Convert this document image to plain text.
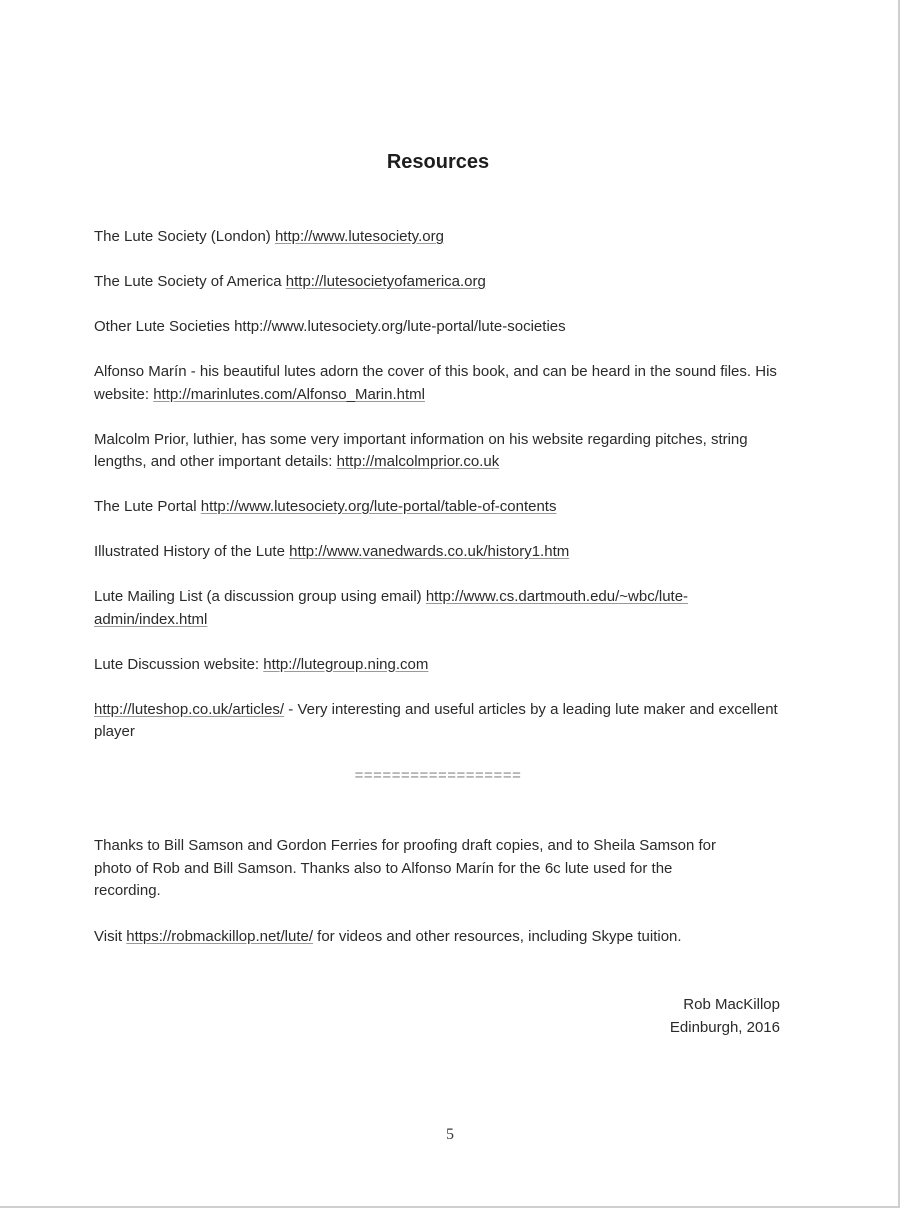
Resources

The Lute Society (London) http://www.lutesociety.org

The Lute Society of America http://lutesocietyofamerica.org

Other Lute Societies http://www.lutesociety.org/lute-portal/lute-societies

Alfonso Marín - his beautiful lutes adorn the cover of this book, and can be heard in the sound files. His website: http://marinlutes.com/Alfonso_Marin.html

Malcolm Prior, luthier, has some very important information on his website regarding pitches, string lengths, and other important details: http://malcolmprior.co.uk

The Lute Portal http://www.lutesociety.org/lute-portal/table-of-contents

Illustrated History of the Lute http://www.vanedwards.co.uk/history1.htm

Lute Mailing List (a discussion group using email) http://www.cs.dartmouth.edu/~wbc/lute-admin/index.html

Lute Discussion website: http://lutegroup.ning.com

http://luteshop.co.uk/articles/ - Very interesting and useful articles by a leading lute maker and excellent player

==================

Thanks to Bill Samson and Gordon Ferries for proofing draft copies, and to Sheila Samson for photo of Rob and Bill Samson. Thanks also to Alfonso Marín for the 6c lute used for the recording.

Visit https://robmackillop.net/lute/ for videos and other resources, including Skype tuition.

Rob MacKillop
Edinburgh, 2016
5
